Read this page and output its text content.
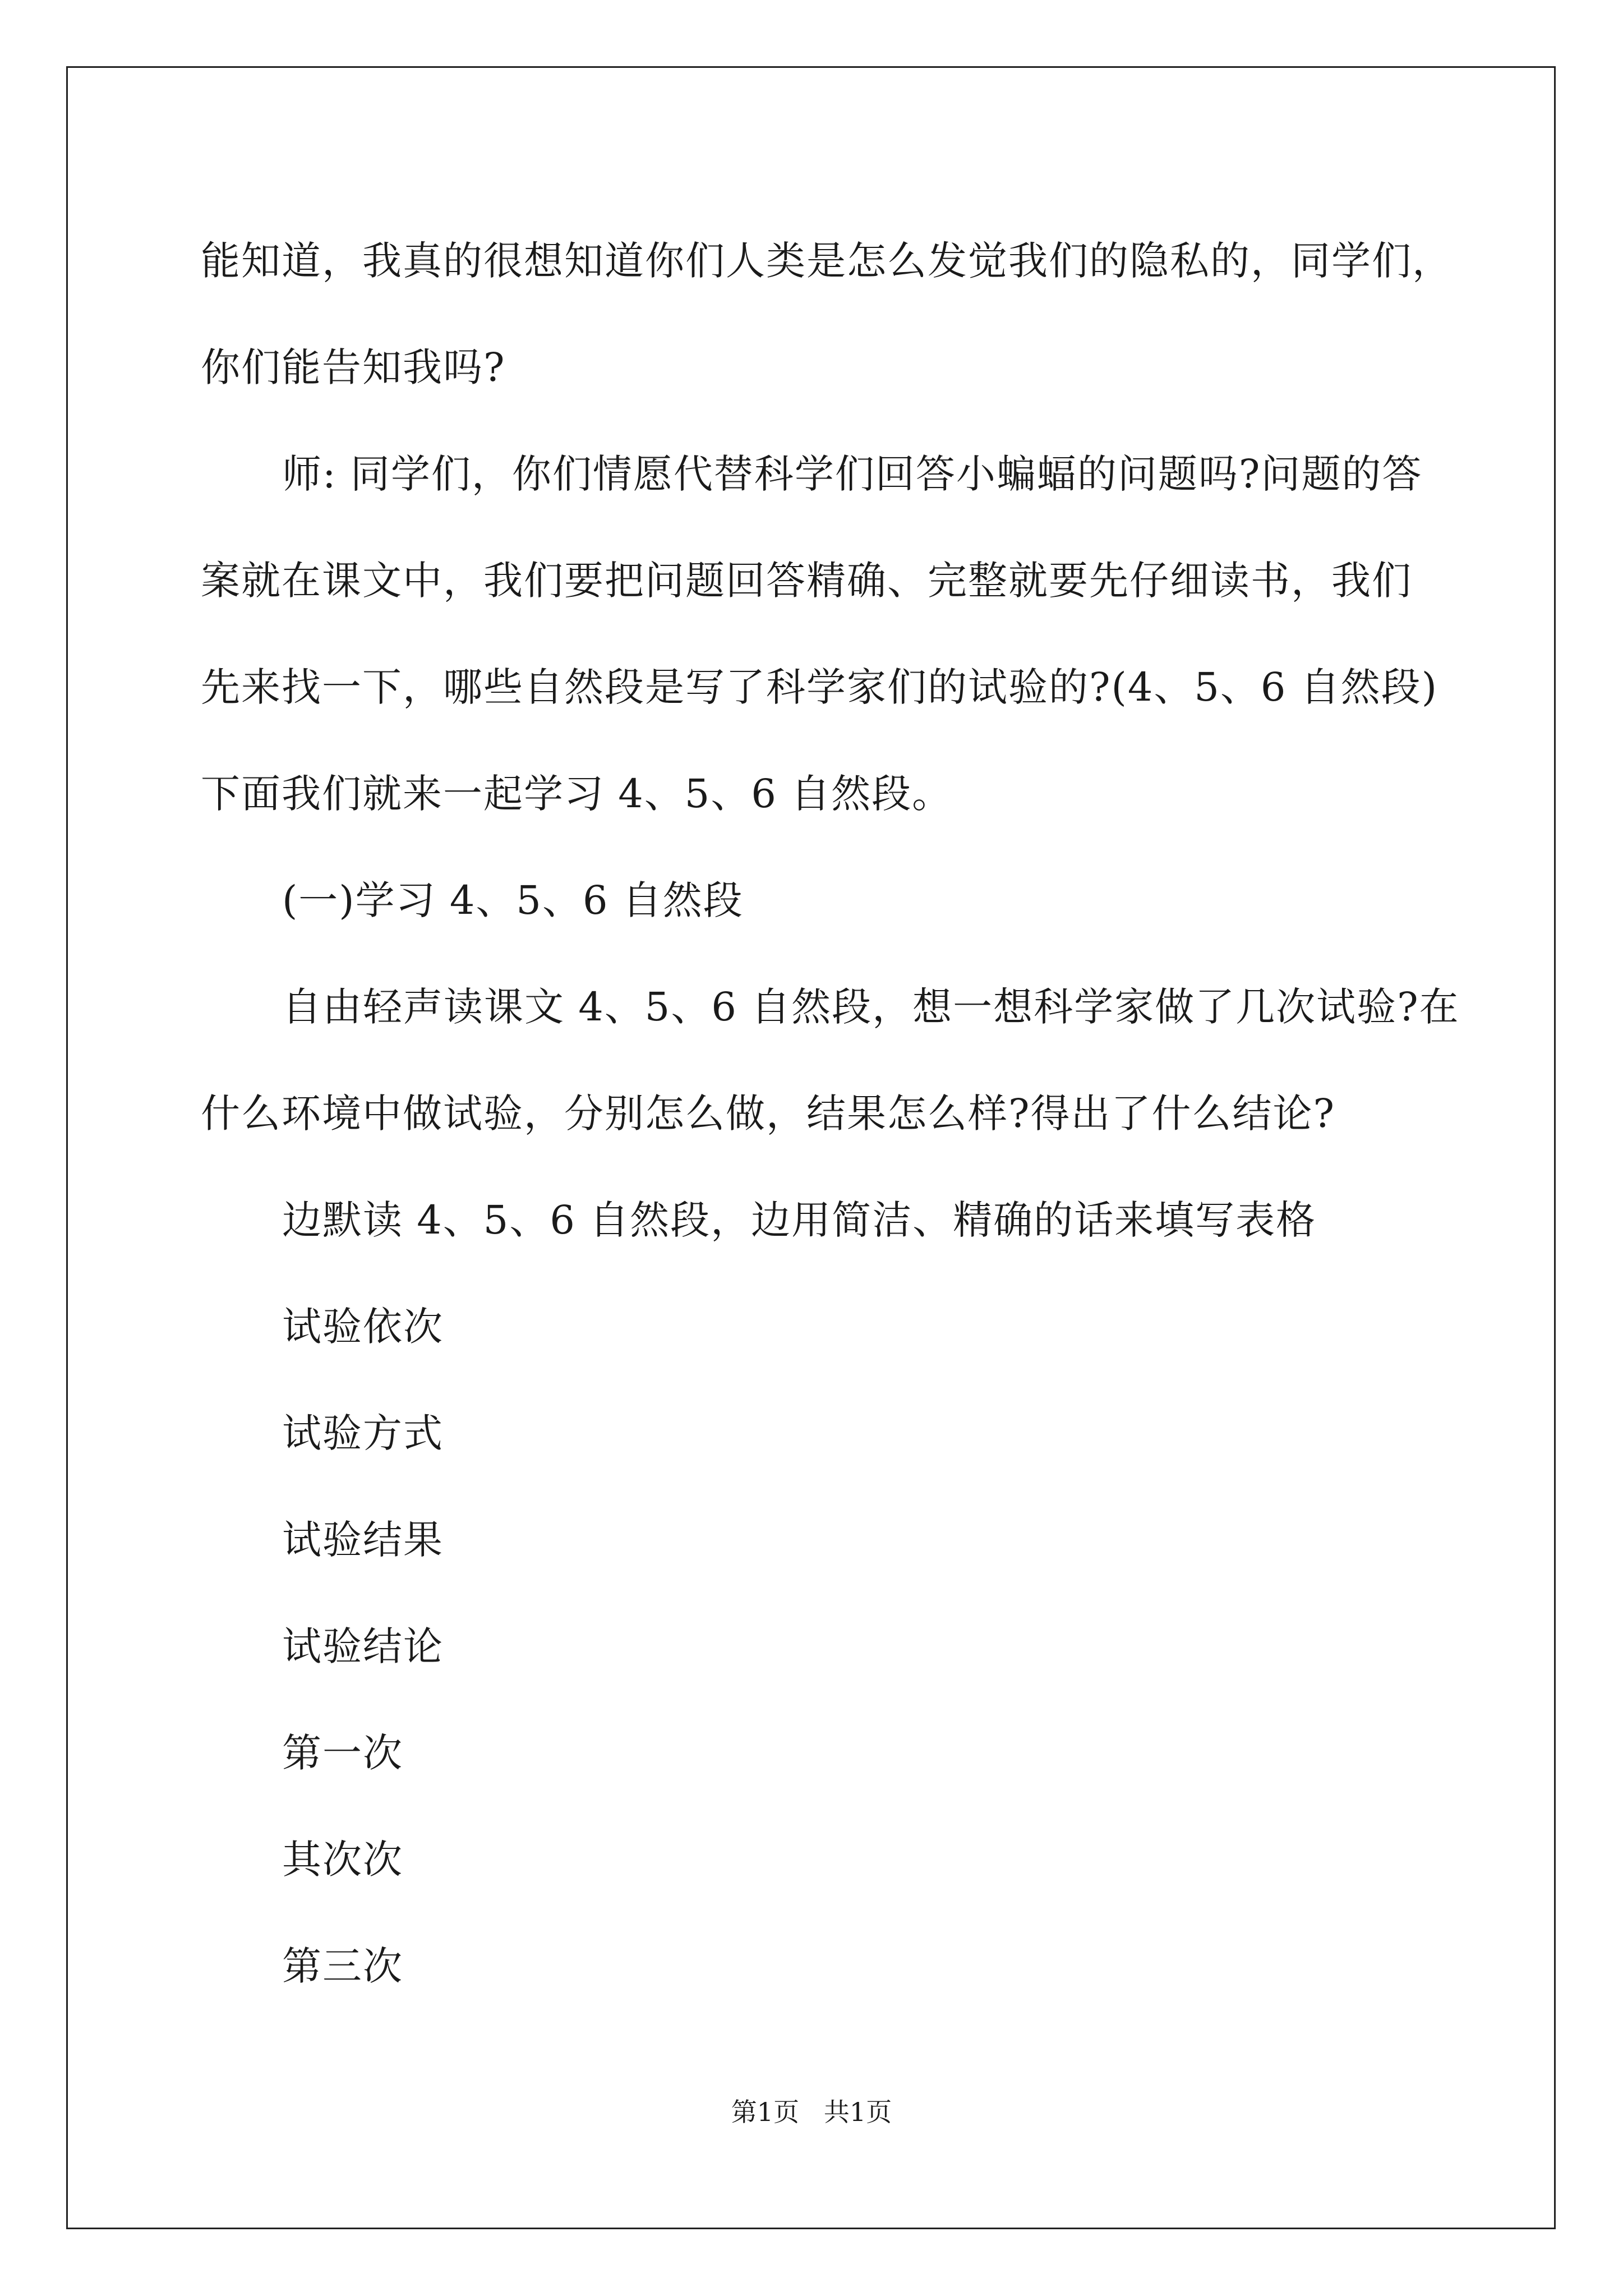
能知道，我真的很想知道你们人类是怎么发觉我们的隐私的，同学们，
你们能告知我吗?
师: 同学们，你们情愿代替科学们回答小蝙蝠的问题吗?问题的答
案就在课文中，我们要把问题回答精确、完整就要先仔细读书，我们
先来找一下，哪些自然段是写了科学家们的试验的?(4、5、6 自然段)
下面我们就来一起学习 4、5、6 自然段。
(一)学习 4、5、6 自然段
自由轻声读课文 4、5、6 自然段，想一想科学家做了几次试验?在
什么环境中做试验，分别怎么做，结果怎么样?得出了什么结论?
边默读 4、5、6 自然段，边用简洁、精确的话来填写表格
试验依次
试验方式
试验结果
试验结论
第一次
其次次
第三次
第1页   共1页
